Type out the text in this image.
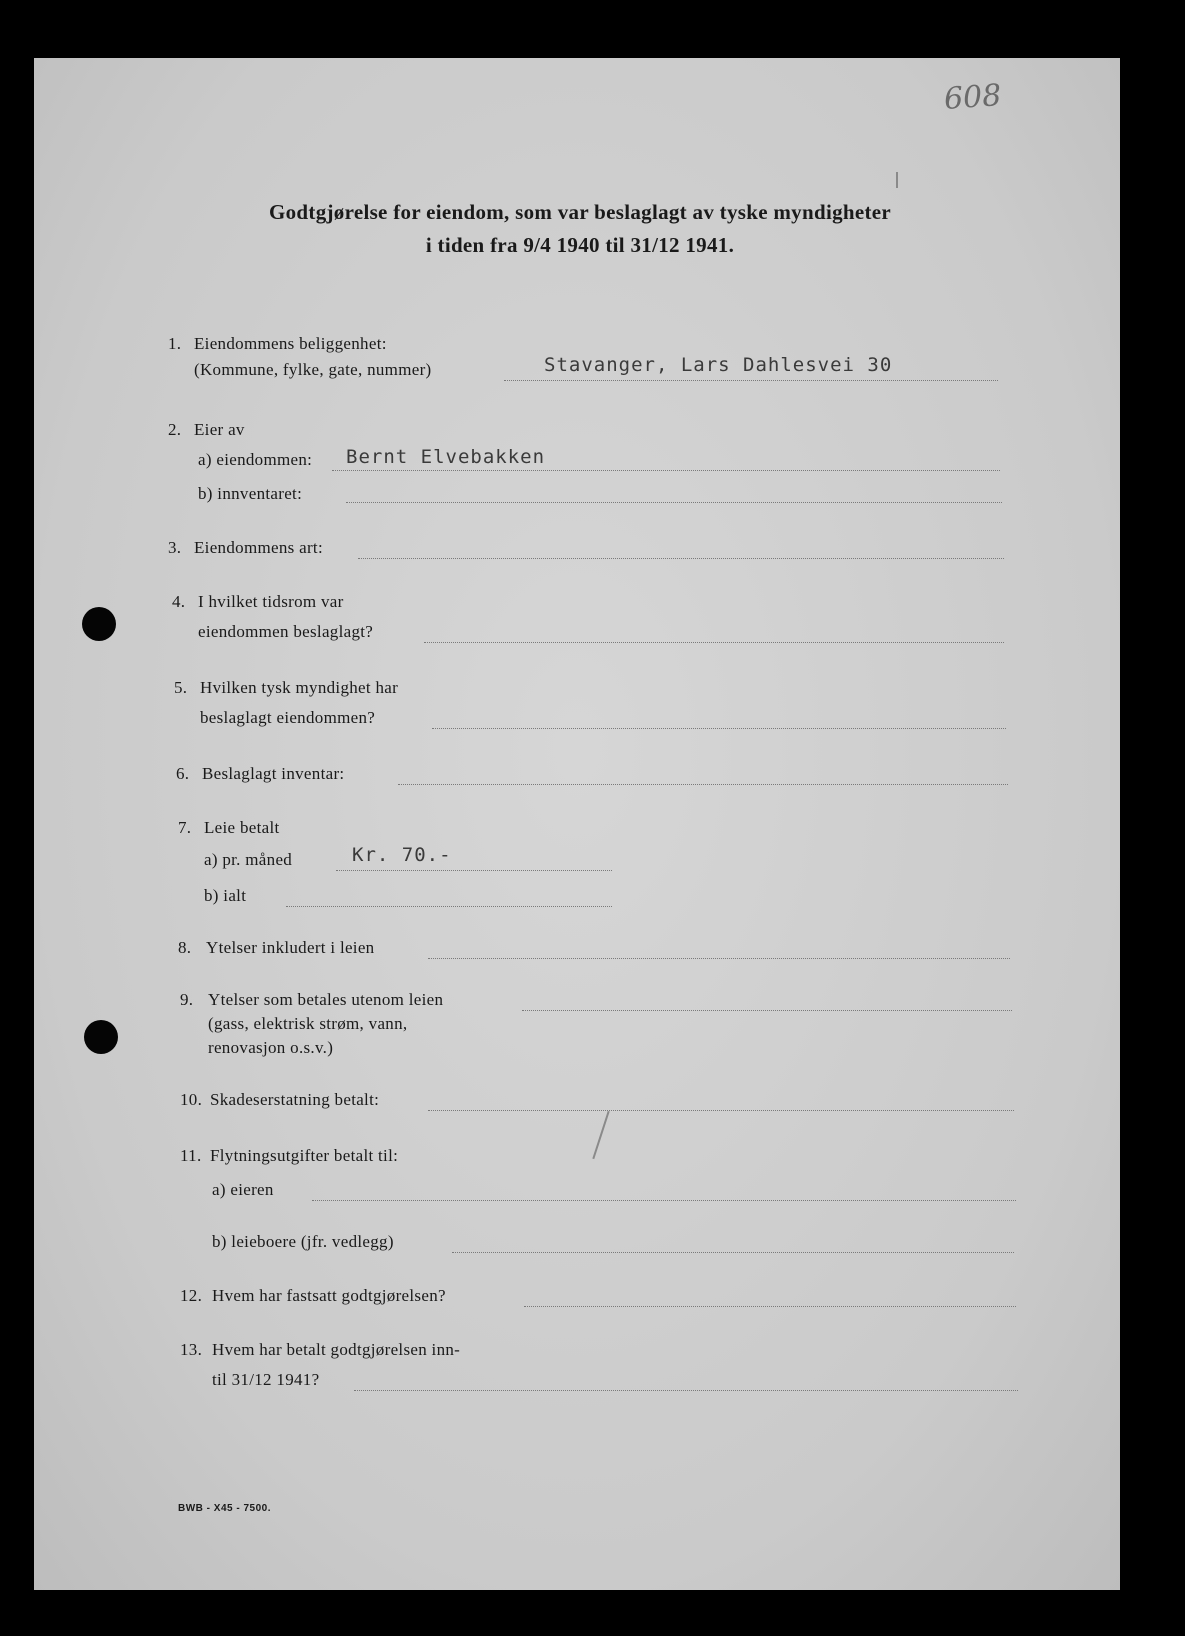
608
Godtgjørelse for eiendom, som var beslaglagt av tyske myndigheter
i tiden fra 9/4 1940 til 31/12 1941.
1. Eiendommens beliggenhet:
(Kommune, fylke, gate, nummer)	Stavanger, Lars Dahlesvei 30
2. Eier av
a) eiendommen: Bernt Elvebakken
b) innventaret:
3. Eiendommens art:
4. I hvilket tidsrom var
eiendommen beslaglagt?
5. Hvilken tysk myndighet har
beslaglagt eiendommen?
6. Beslaglagt inventar:
7. Leie betalt
a) pr. måned	Kr. 70.-
b) ialt
8. Ytelser inkludert i leien
9. Ytelser som betales utenom leien
(gass, elektrisk strøm, vann,
renovasjon o.s.v.)
10. Skadeserstatning betalt:
11. Flytningsutgifter betalt til:
a) eieren
b) leieboere (jfr. vedlegg)
12. Hvem har fastsatt godtgjørelsen?
13. Hvem har betalt godtgjørelsen inn-
til 31/12 1941?
BWB - X45 - 7500.
